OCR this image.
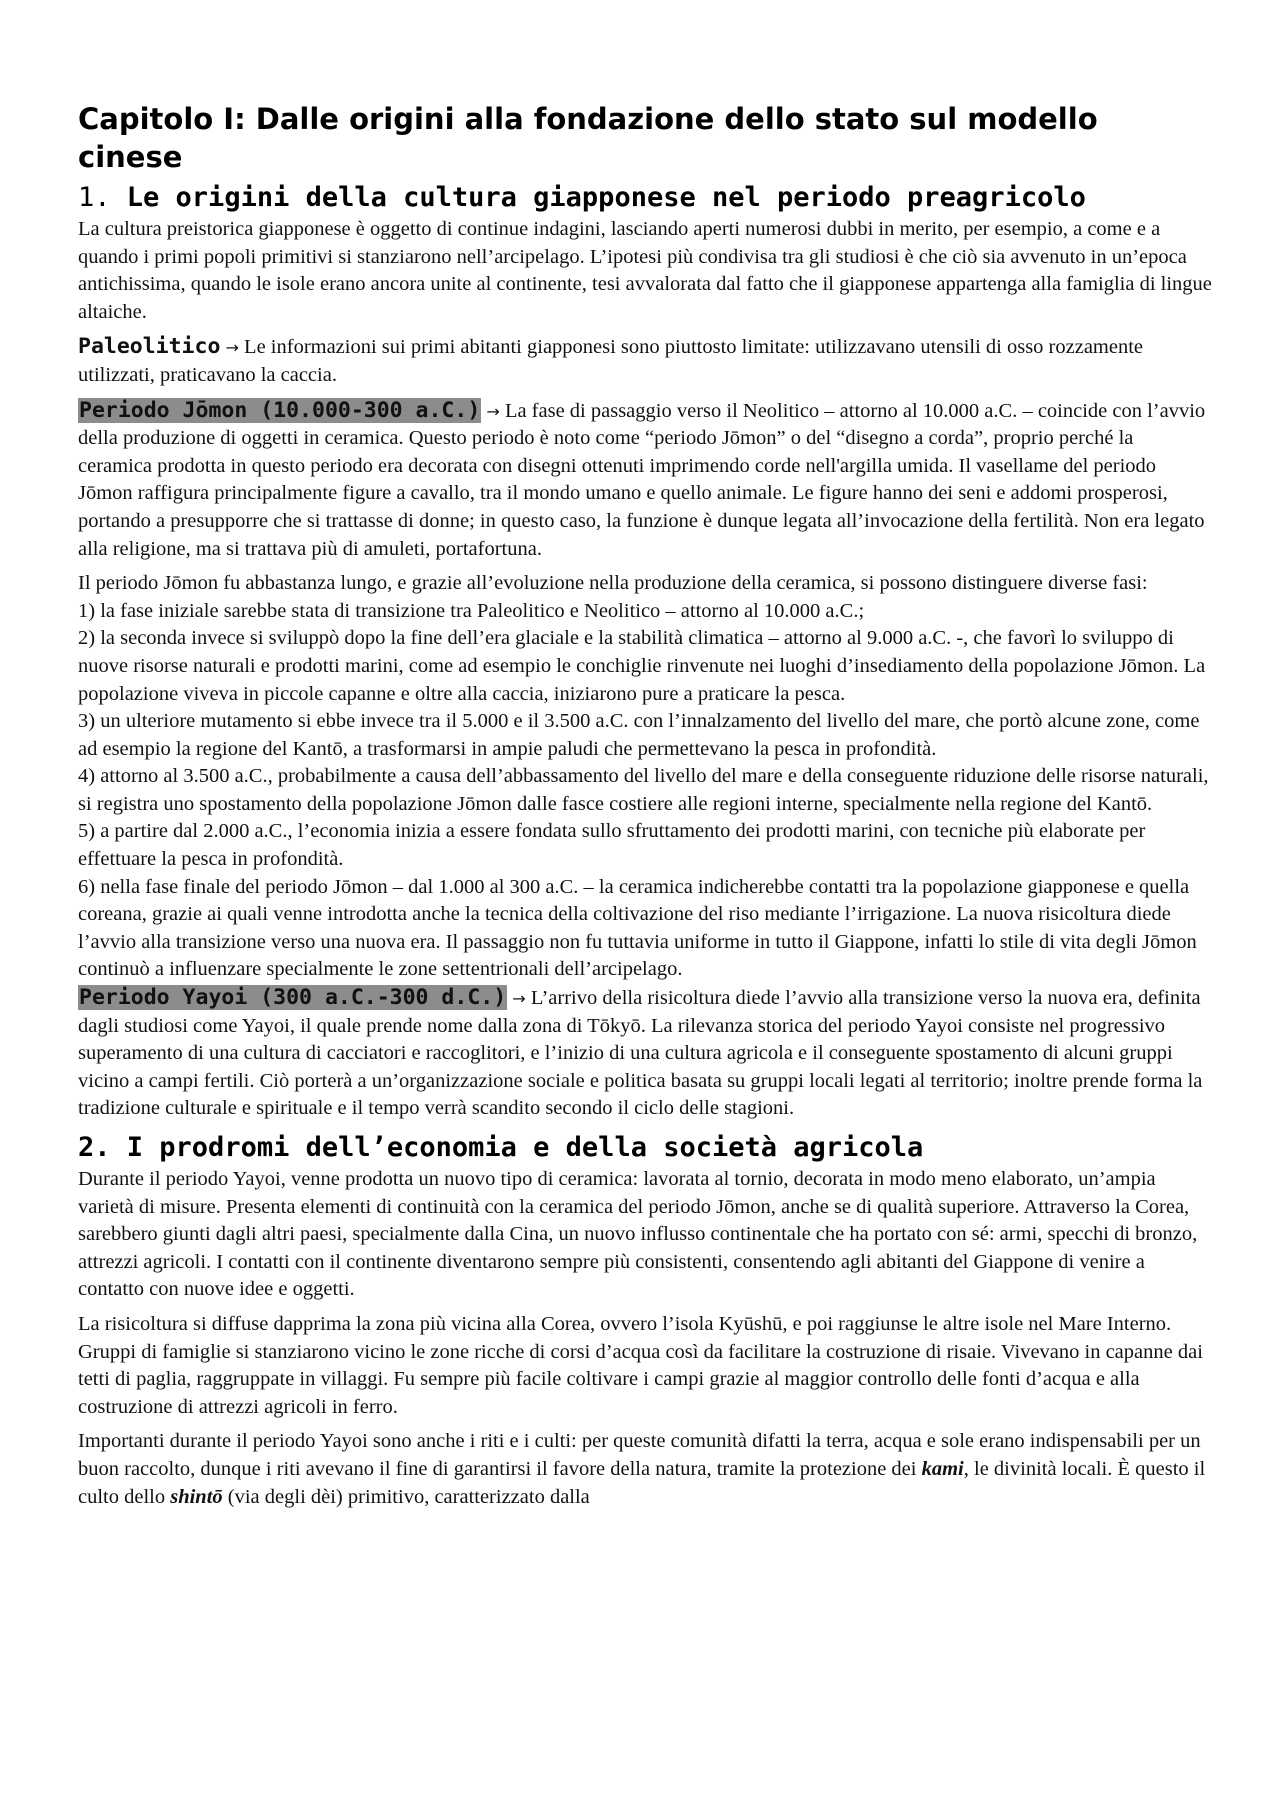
Capitolo I: Dalle origini alla fondazione dello stato sul modello cinese
1. Le origini della cultura giapponese nel periodo preagricolo

La cultura preistorica giapponese è oggetto di continue indagini, lasciando aperti numerosi dubbi in merito, per esempio, a come e a quando i primi popoli primitivi si stanziarono nell’arcipelago. L’ipotesi più condivisa tra gli studiosi è che ciò sia avvenuto in un’epoca antichissima, quando le isole erano ancora unite al continente, tesi avvalorata dal fatto che il giapponese appartenga alla famiglia di lingue altaiche.

Paleolitico → Le informazioni sui primi abitanti giapponesi sono piuttosto limitate: utilizzavano utensili di osso rozzamente utilizzati, praticavano la caccia.

Periodo Jōmon (10.000-300 a.C.) → La fase di passaggio verso il Neolitico – attorno al 10.000 a.C. – coincide con l’avvio della produzione di oggetti in ceramica. Questo periodo è noto come “periodo Jōmon” o del “disegno a corda”, proprio perché la ceramica prodotta in questo periodo era decorata con disegni ottenuti imprimendo corde nell'argilla umida. Il vasellame del periodo Jōmon raffigura principalmente figure a cavallo, tra il mondo umano e quello animale. Le figure hanno dei seni e addomi prosperosi, portando a presupporre che si trattasse di donne; in questo caso, la funzione è dunque legata all’invocazione della fertilità. Non era legato alla religione, ma si trattava più di amuleti, portafortuna.

Il periodo Jōmon fu abbastanza lungo, e grazie all’evoluzione nella produzione della ceramica, si possono distinguere diverse fasi:

1) la fase iniziale sarebbe stata di transizione tra Paleolitico e Neolitico – attorno al 10.000 a.C.;
2) la seconda invece si sviluppò dopo la fine dell’era glaciale e la stabilità climatica – attorno al 9.000 a.C. -, che favorì lo sviluppo di nuove risorse naturali e prodotti marini, come ad esempio le conchiglie rinvenute nei luoghi d’insediamento della popolazione Jōmon. La popolazione viveva in piccole capanne e oltre alla caccia, iniziarono pure a praticare la pesca.
3) un ulteriore mutamento si ebbe invece tra il 5.000 e il 3.500 a.C. con l’innalzamento del livello del mare, che portò alcune zone, come ad esempio la regione del Kantō, a trasformarsi in ampie paludi che permettevano la pesca in profondità.
4) attorno al 3.500 a.C., probabilmente a causa dell’abbassamento del livello del mare e della conseguente riduzione delle risorse naturali, si registra uno spostamento della popolazione Jōmon dalle fasce costiere alle regioni interne, specialmente nella regione del Kantō.
5) a partire dal 2.000 a.C., l’economia inizia a essere fondata sullo sfruttamento dei prodotti marini, con tecniche più elaborate per effettuare la pesca in profondità.
6) nella fase finale del periodo Jōmon – dal 1.000 al 300 a.C. – la ceramica indicherebbe contatti tra la popolazione giapponese e quella coreana, grazie ai quali venne introdotta anche la tecnica della coltivazione del riso mediante l’irrigazione. La nuova risicoltura diede l’avvio alla transizione verso una nuova era. Il passaggio non fu tuttavia uniforme in tutto il Giappone, infatti lo stile di vita degli Jōmon continuò a influenzare specialmente le zone settentrionali dell’arcipelago.

Periodo Yayoi (300 a.C.-300 d.C.) → L’arrivo della risicoltura diede l’avvio alla transizione verso la nuova era, definita dagli studiosi come Yayoi, il quale prende nome dalla zona di Tōkyō. La rilevanza storica del periodo Yayoi consiste nel progressivo superamento di una cultura di cacciatori e raccoglitori, e l’inizio di una cultura agricola e il conseguente spostamento di alcuni gruppi vicino a campi fertili. Ciò porterà a un’organizzazione sociale e politica basata su gruppi locali legati al territorio; inoltre prende forma la tradizione culturale e spirituale e il tempo verrà scandito secondo il ciclo delle stagioni.

2. I prodromi dell’economia e della società agricola

Durante il periodo Yayoi, venne prodotta un nuovo tipo di ceramica: lavorata al tornio, decorata in modo meno elaborato, un’ampia varietà di misure. Presenta elementi di continuità con la ceramica del periodo Jōmon, anche se di qualità superiore. Attraverso la Corea, sarebbero giunti dagli altri paesi, specialmente dalla Cina, un nuovo influsso continentale che ha portato con sé: armi, specchi di bronzo, attrezzi agricoli. I contatti con il continente diventarono sempre più consistenti, consentendo agli abitanti del Giappone di venire a contatto con nuove idee e oggetti.

La risicoltura si diffuse dapprima la zona più vicina alla Corea, ovvero l’isola Kyūshū, e poi raggiunse le altre isole nel Mare Interno. Gruppi di famiglie si stanziarono vicino le zone ricche di corsi d’acqua così da facilitare la costruzione di risaie. Vivevano in capanne dai tetti di paglia, raggruppate in villaggi. Fu sempre più facile coltivare i campi grazie al maggior controllo delle fonti d’acqua e alla costruzione di attrezzi agricoli in ferro.

Importanti durante il periodo Yayoi sono anche i riti e i culti: per queste comunità difatti la terra, acqua e sole erano indispensabili per un buon raccolto, dunque i riti avevano il fine di garantirsi il favore della natura, tramite la protezione dei kami, le divinità locali. È questo il culto dello shintō (via degli dèi) primitivo, caratterizzato dalla
